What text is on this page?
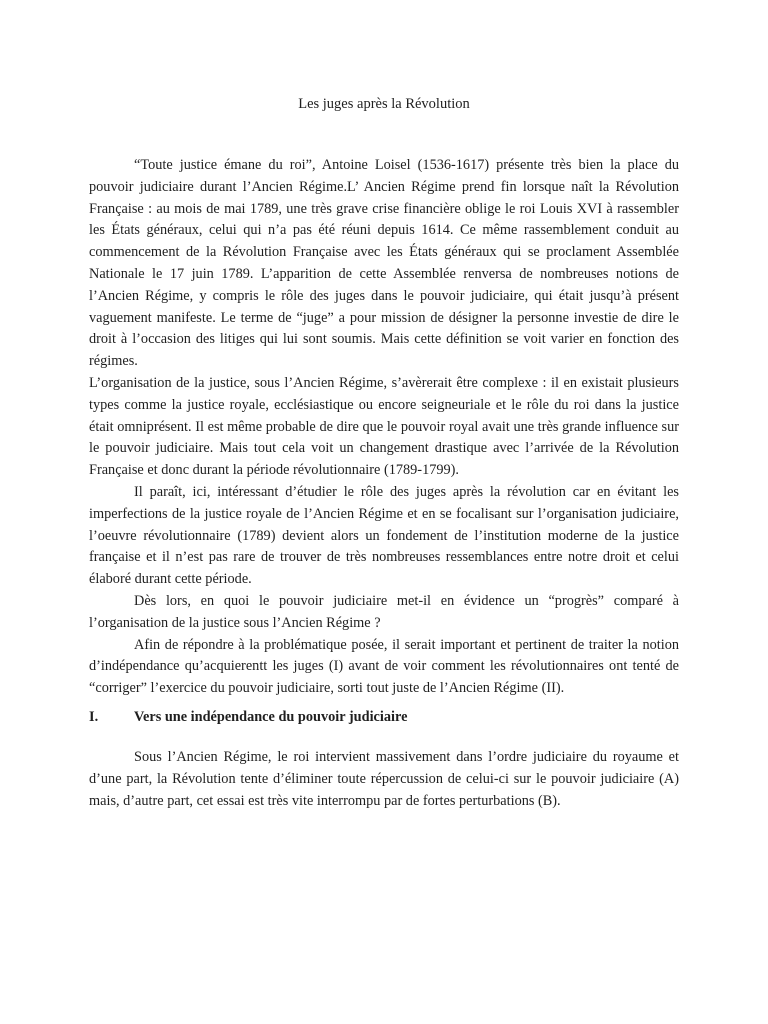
Les juges après la Révolution

“Toute justice émane du roi”, Antoine Loisel (1536-1617) présente très bien la place du pouvoir judiciaire durant l’Ancien Régime.L’ Ancien Régime prend fin lorsque naît la Révolution Française : au mois de mai 1789, une très grave crise financière oblige le roi Louis XVI à rassembler les États généraux, celui qui n’a pas été réuni depuis 1614. Ce même rassemblement conduit au commencement de la Révolution Française avec les États généraux qui se proclament Assemblée Nationale le 17 juin 1789. L’apparition de cette Assemblée renversa de nombreuses notions de l’Ancien Régime, y compris le rôle des juges dans le pouvoir judiciaire, qui était jusqu’à présent vaguement manifeste. Le terme de “juge” a pour mission de désigner la personne investie de dire le droit à l’occasion des litiges qui lui sont soumis. Mais cette définition se voit varier en fonction des régimes.

L’organisation de la justice, sous l’Ancien Régime, s’avèrerait être complexe : il en existait plusieurs types comme la justice royale, ecclésiastique ou encore seigneuriale et le rôle du roi dans la justice était omniprésent. Il est même probable de dire que le pouvoir royal avait une très grande influence sur le pouvoir judiciaire. Mais tout cela voit un changement drastique avec l’arrivée de la Révolution Française et donc durant la période révolutionnaire (1789-1799).

Il paraît, ici, intéressant d’étudier le rôle des juges après la révolution car en évitant les imperfections de la justice royale de l’Ancien Régime et en se focalisant sur l’organisation judiciaire, l’oeuvre révolutionnaire (1789) devient alors un fondement de l’institution moderne de la justice française et il n’est pas rare de trouver de très nombreuses ressemblances entre notre droit et celui élaboré durant cette période.

Dès lors, en quoi le pouvoir judiciaire met-il en évidence un “progrès” comparé à l’organisation de la justice sous l’Ancien Régime ?

Afin de répondre à la problématique posée, il serait important et pertinent de traiter la notion d’indépendance qu’acquierentt les juges (I) avant de voir comment les révolutionnaires ont tenté de “corriger” l’exercice du pouvoir judiciaire, sorti tout juste de l’Ancien Régime (II).

I.	Vers une indépendance du pouvoir judiciaire

Sous l’Ancien Régime, le roi intervient massivement dans l’ordre judiciaire du royaume et d’une part, la Révolution tente d’éliminer toute répercussion de celui-ci sur le pouvoir judiciaire (A) mais, d’autre part, cet essai est très vite interrompu par de fortes perturbations (B).
